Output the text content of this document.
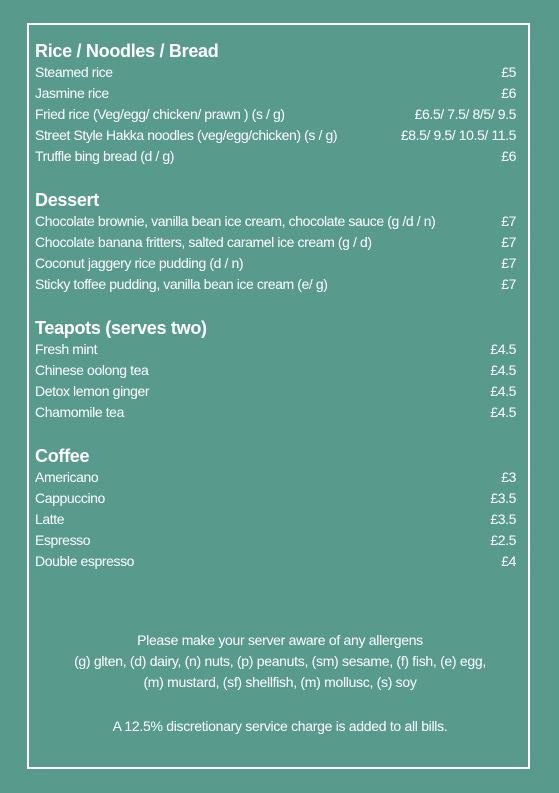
Rice / Noodles / Bread
Steamed rice	£5
Jasmine rice	£6
Fried rice (Veg/egg/ chicken/ prawn ) (s / g)	£6.5/ 7.5/ 8/5/ 9.5
Street Style Hakka noodles (veg/egg/chicken) (s / g)	£8.5/ 9.5/ 10.5/ 11.5
Truffle bing bread (d / g)	£6
Dessert
Chocolate brownie, vanilla bean ice cream, chocolate sauce (g /d / n)	£7
Chocolate banana fritters, salted caramel ice cream (g / d)	£7
Coconut jaggery rice pudding (d / n)	£7
Sticky toffee pudding, vanilla bean ice cream (e/ g)	£7
Teapots (serves two)
Fresh mint	£4.5
Chinese oolong tea	£4.5
Detox lemon ginger	£4.5
Chamomile tea	£4.5
Coffee
Americano	£3
Cappuccino	£3.5
Latte	£3.5
Espresso	£2.5
Double espresso	£4
Please make your server aware of any allergens
(g) glten, (d) dairy, (n) nuts, (p) peanuts, (sm) sesame, (f) fish, (e) egg,
(m) mustard, (sf) shellfish, (m) mollusc, (s) soy
A 12.5% discretionary service charge is added to all bills.
